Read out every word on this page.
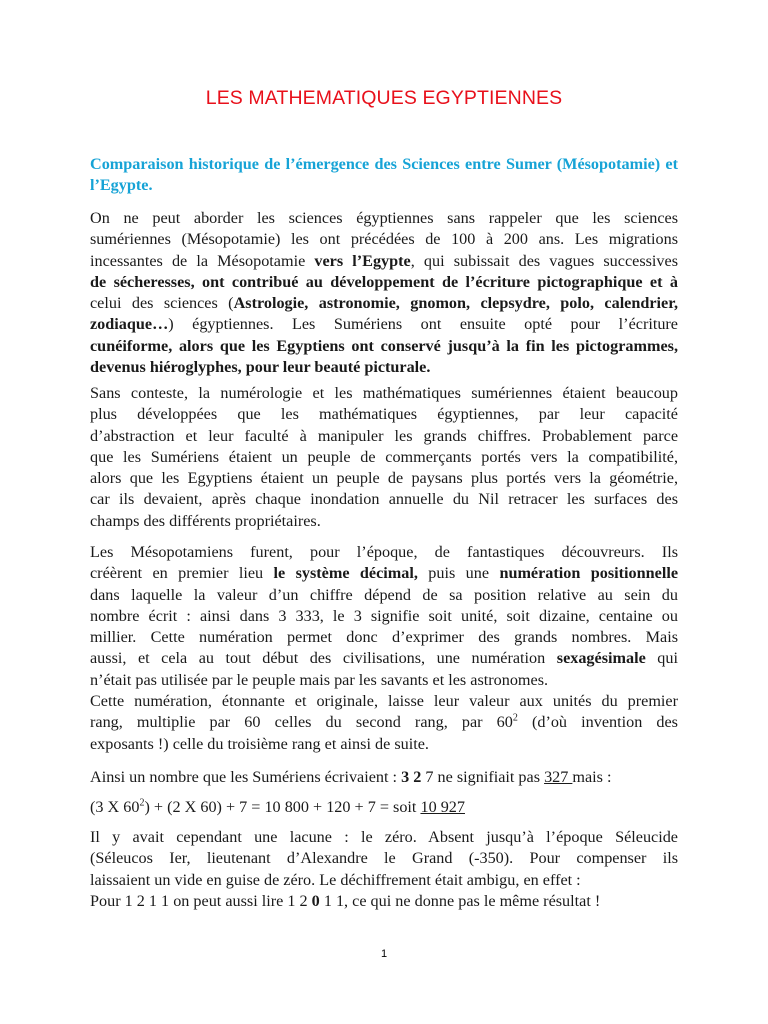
LES MATHEMATIQUES EGYPTIENNES
Comparaison historique de l’émergence des Sciences entre Sumer (Mésopotamie) et l’Egypte.
On ne peut aborder les sciences égyptiennes sans rappeler que les sciences
sumériennes (Mésopotamie) les ont précédées de 100 à 200 ans. Les migrations
incessantes de la Mésopotamie vers l’Egypte, qui subissait des vagues successives
de sécheresses, ont contribué au développement de l’écriture pictographique et à
celui des sciences (Astrologie, astronomie, gnomon, clepsydre, polo, calendrier,
zodiaque…) égyptiennes. Les Sumériens ont ensuite opté pour l’écriture
cunéiforme, alors que les Egyptiens ont conservé jusqu’à la fin les pictogrammes,
devenus hiéroglyphes, pour leur beauté picturale.
Sans conteste, la numérologie et les mathématiques sumériennes étaient beaucoup
plus développées que les mathématiques égyptiennes, par leur capacité
d’abstraction et leur faculté à manipuler les grands chiffres. Probablement parce
que les Sumériens étaient un peuple de commerçants portés vers la compatibilité,
alors que les Egyptiens étaient un peuple de paysans plus portés vers la géométrie,
car ils devaient, après chaque inondation annuelle du Nil retracer les surfaces des
champs des différents propriétaires.
Les Mésopotamiens furent, pour l’époque, de fantastiques découvreurs. Ils
créèrent en premier lieu le système décimal, puis une numération positionnelle
dans laquelle la valeur d’un chiffre dépend de sa position relative au sein du
nombre écrit : ainsi dans 3 333, le 3 signifie soit unité, soit dizaine, centaine ou
millier. Cette numération permet donc d’exprimer des grands nombres. Mais
aussi, et cela au tout début des civilisations, une numération sexagésimale qui
n’était pas utilisée par le peuple mais par les savants et les astronomes.
Cette numération, étonnante et originale, laisse leur valeur aux unités du premier
rang, multiplie par 60 celles du second rang, par $60^2$ (d’où invention des
exposants !) celle du troisième rang et ainsi de suite.
Ainsi un nombre que les Sumériens écrivaient : 3 2 7 ne signifiait pas 327 mais :
(3 X $60^2) + (2$ X 60) + 7 = 10 800 + 120 + 7 = soit 10 927
Il y avait cependant une lacune : le zéro. Absent jusqu’à l’époque Séleucide
(Séleucos Ier, lieutenant d’Alexandre le Grand (-350). Pour compenser ils
laissaient un vide en guise de zéro. Le déchiffrement était ambigu, en effet :
Pour 1 2 1 1 on peut aussi lire 1 2 0 1 1, ce qui ne donne pas le même résultat !
1
